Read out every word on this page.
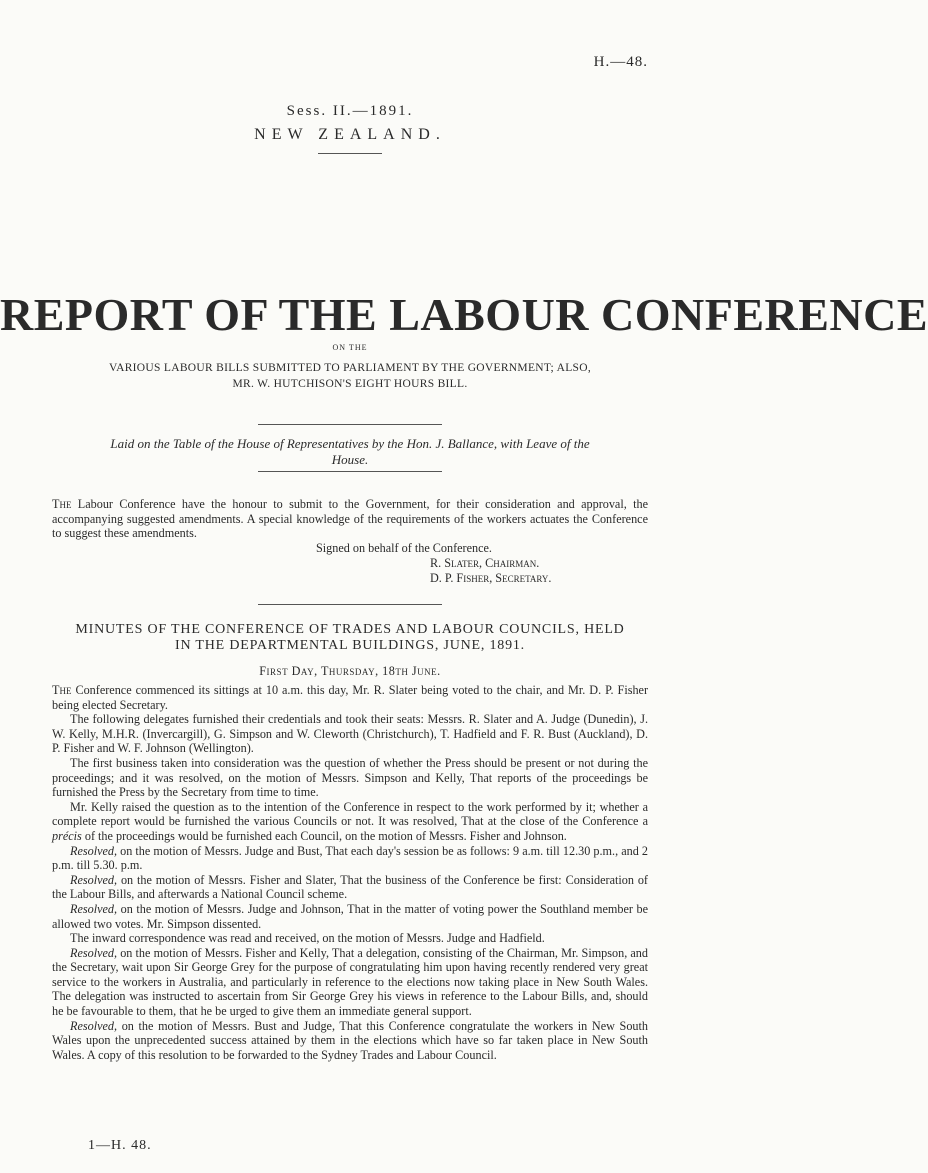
H.—48.
Sess. II.—1891.
NEW ZEALAND.
REPORT OF THE LABOUR CONFERENCE
ON THE
VARIOUS LABOUR BILLS SUBMITTED TO PARLIAMENT BY THE GOVERNMENT; ALSO,
MR. W. HUTCHISON'S EIGHT HOURS BILL.
Laid on the Table of the House of Representatives by the Hon. J. Ballance, with Leave of the
House.

The Labour Conference have the honour to submit to the Government, for their consideration and approval, the accompanying suggested amendments. A special knowledge of the requirements of the workers actuates the Conference to suggest these amendments.

Signed on behalf of the Conference.
R. Slater, Chairman.
D. P. Fisher, Secretary.
MINUTES OF THE CONFERENCE OF TRADES AND LABOUR COUNCILS, HELD
IN THE DEPARTMENTAL BUILDINGS, JUNE, 1891.
First Day, Thursday, 18th June.

The Conference commenced its sittings at 10 a.m. this day, Mr. R. Slater being voted to the chair, and Mr. D. P. Fisher being elected Secretary.

The following delegates furnished their credentials and took their seats: Messrs. R. Slater and A. Judge (Dunedin), J. W. Kelly, M.H.R. (Invercargill), G. Simpson and W. Cleworth (Christchurch), T. Hadfield and F. R. Bust (Auckland), D. P. Fisher and W. F. Johnson (Wellington).

The first business taken into consideration was the question of whether the Press should be present or not during the proceedings; and it was resolved, on the motion of Messrs. Simpson and Kelly, That reports of the proceedings be furnished the Press by the Secretary from time to time.

Mr. Kelly raised the question as to the intention of the Conference in respect to the work performed by it; whether a complete report would be furnished the various Councils or not. It was resolved, That at the close of the Conference a précis of the proceedings would be furnished each Council, on the motion of Messrs. Fisher and Johnson.

Resolved, on the motion of Messrs. Judge and Bust, That each day's session be as follows: 9 a.m. till 12.30 p.m., and 2 p.m. till 5.30. p.m.

Resolved, on the motion of Messrs. Fisher and Slater, That the business of the Conference be first: Consideration of the Labour Bills, and afterwards a National Council scheme.

Resolved, on the motion of Messrs. Judge and Johnson, That in the matter of voting power the Southland member be allowed two votes. Mr. Simpson dissented.

The inward correspondence was read and received, on the motion of Messrs. Judge and Hadfield.

Resolved, on the motion of Messrs. Fisher and Kelly, That a delegation, consisting of the Chairman, Mr. Simpson, and the Secretary, wait upon Sir George Grey for the purpose of congratulating him upon having recently rendered very great service to the workers in Australia, and particularly in reference to the elections now taking place in New South Wales. The delegation was instructed to ascertain from Sir George Grey his views in reference to the Labour Bills, and, should he be favourable to them, that he be urged to give them an immediate general support.

Resolved, on the motion of Messrs. Bust and Judge, That this Conference congratulate the workers in New South Wales upon the unprecedented success attained by them in the elections which have so far taken place in New South Wales. A copy of this resolution to be forwarded to the Sydney Trades and Labour Council.

1—H. 48.
